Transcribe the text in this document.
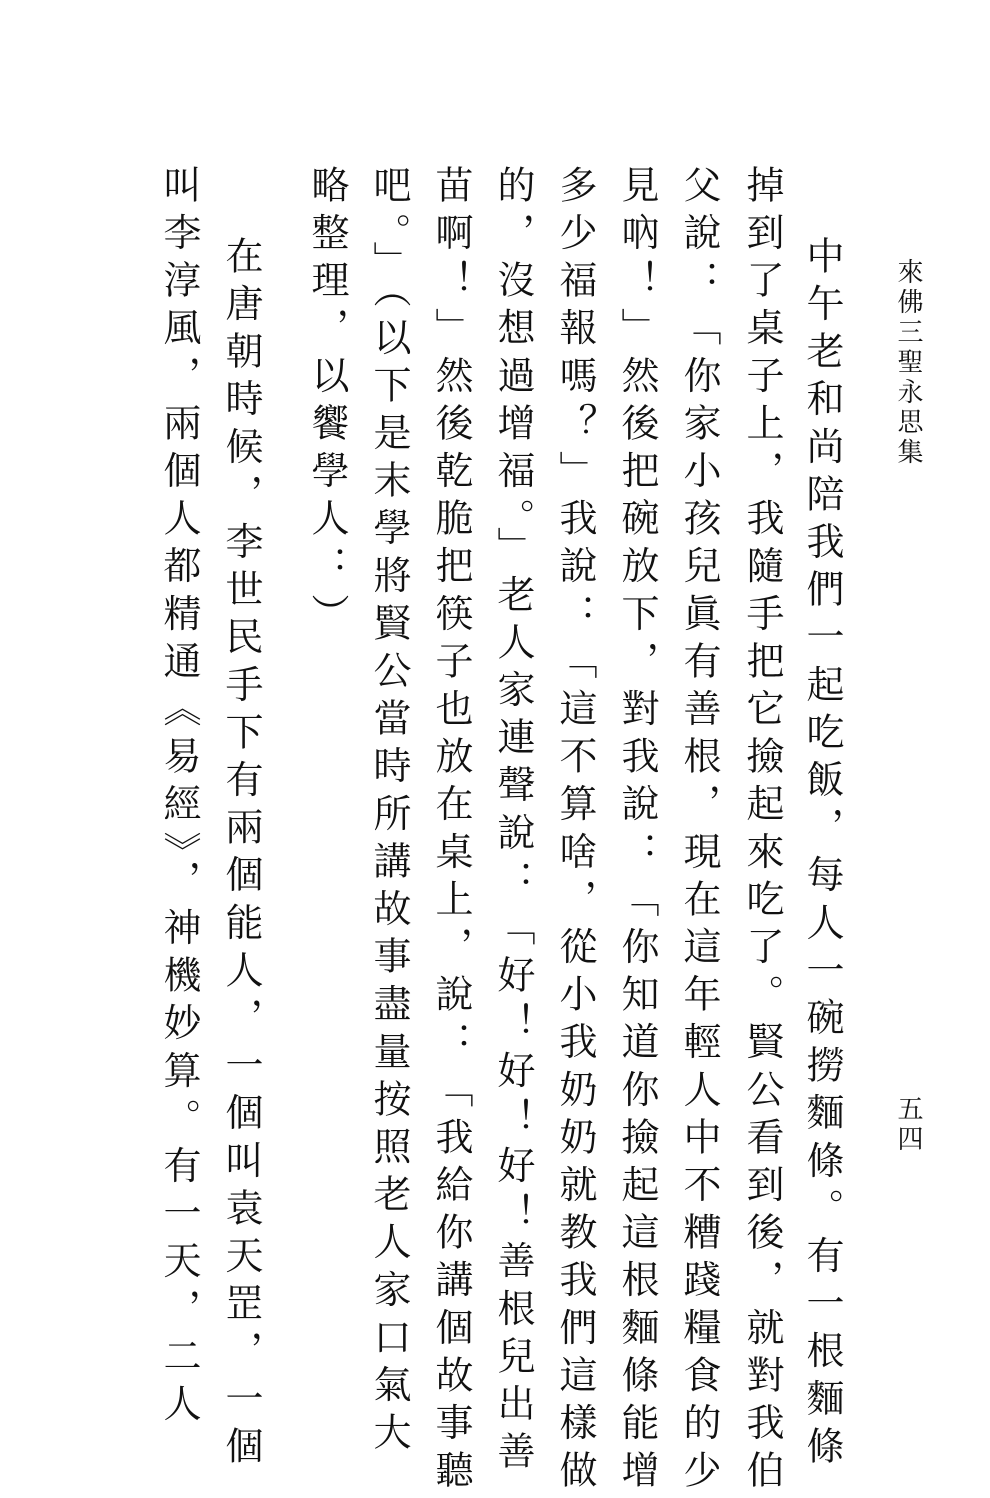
來佛三聖永思集
五四
中午老和尚陪我們一起吃飯，每人一碗撈麵條。有一根麵條
掉到了桌子上，我隨手把它撿起來吃了。賢公看到後，就對我伯
父說：「你家小孩兒眞有善根，現在這年輕人中不糟踐糧食的少
見吶！」然後把碗放下，對我說：「你知道你撿起這根麵條能增
多少福報嗎？」我說：「這不算啥，從小我奶奶就教我們這樣做
的，沒想過增福。」老人家連聲說：「好！好！好！善根兒出善
苗啊！」然後乾脆把筷子也放在桌上，說：「我給你講個故事聽
吧。」（以下是末學將賢公當時所講故事盡量按照老人家口氣大
略整理，以饗學人：）
在唐朝時候，李世民手下有兩個能人，一個叫袁天罡，一個
叫李淳風，兩個人都精通《易經》，神機妙算。有一天，二人
